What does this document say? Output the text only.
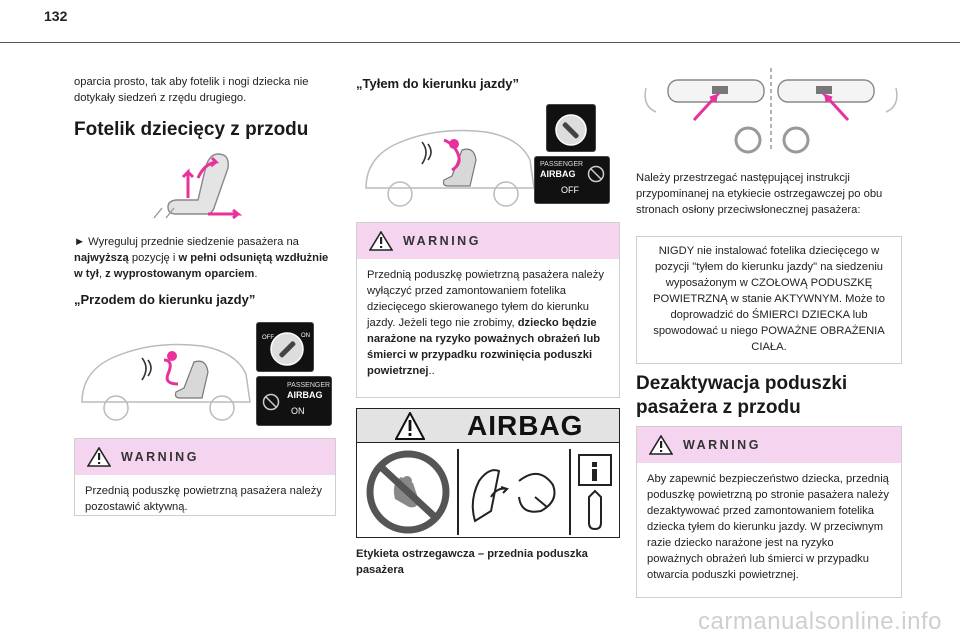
132

oparcia prosto, tak aby fotelik i nogi dziecka nie dotykały siedzeń z rzędu drugiego.

Fotelik dziecięcy z przodu

► Wyreguluj przednie siedzenie pasażera na najwyższą pozycję i w pełni odsuniętą wzdłużnie w tył, z wyprostowanym oparciem.

„Przodem do kierunku jazdy”
OFF	ON
PASSENGER
AIRBAG
ON
WARNING

Przednią poduszkę powietrzną pasażera należy pozostawić aktywną.

„Tyłem do kierunku jazdy”
PASSENGER
AIRBAG
OFF
WARNING

Przednią poduszkę powietrzną pasażera należy wyłączyć przed zamontowaniem fotelika dziecięcego skierowanego tyłem do kierunku jazdy. Jeżeli tego nie zrobimy, dziecko będzie narażone na ryzyko poważnych obrażeń lub śmierci w przypadku rozwinięcia poduszki powietrznej..

AIRBAG

Etykieta ostrzegawcza – przednia poduszka pasażera

Należy przestrzegać następującej instrukcji przypominanej na etykiecie ostrzegawczej po obu stronach osłony przeciwsłonecznej pasażera:

NIGDY nie instalować fotelika dziecięcego w pozycji "tyłem do kierunku jazdy" na siedzeniu wyposażonym w CZOŁOWĄ PODUSZKĘ POWIETRZNĄ w stanie AKTYWNYM. Może to doprowadzić do ŚMIERCI DZIECKA lub spowodować u niego POWAŻNE OBRAŻENIA CIAŁA.
Dezaktywacja poduszki pasażera z przodu
WARNING

Aby zapewnić bezpieczeństwo dziecka, przednią poduszkę powietrzną po stronie pasażera należy dezaktywować przed zamontowaniem fotelika dziecka tyłem do kierunku jazdy. W przeciwnym razie dziecko narażone jest na ryzyko poważnych obrażeń lub śmierci w przypadku otwarcia poduszki powietrznej.

carmanualsonline.info
